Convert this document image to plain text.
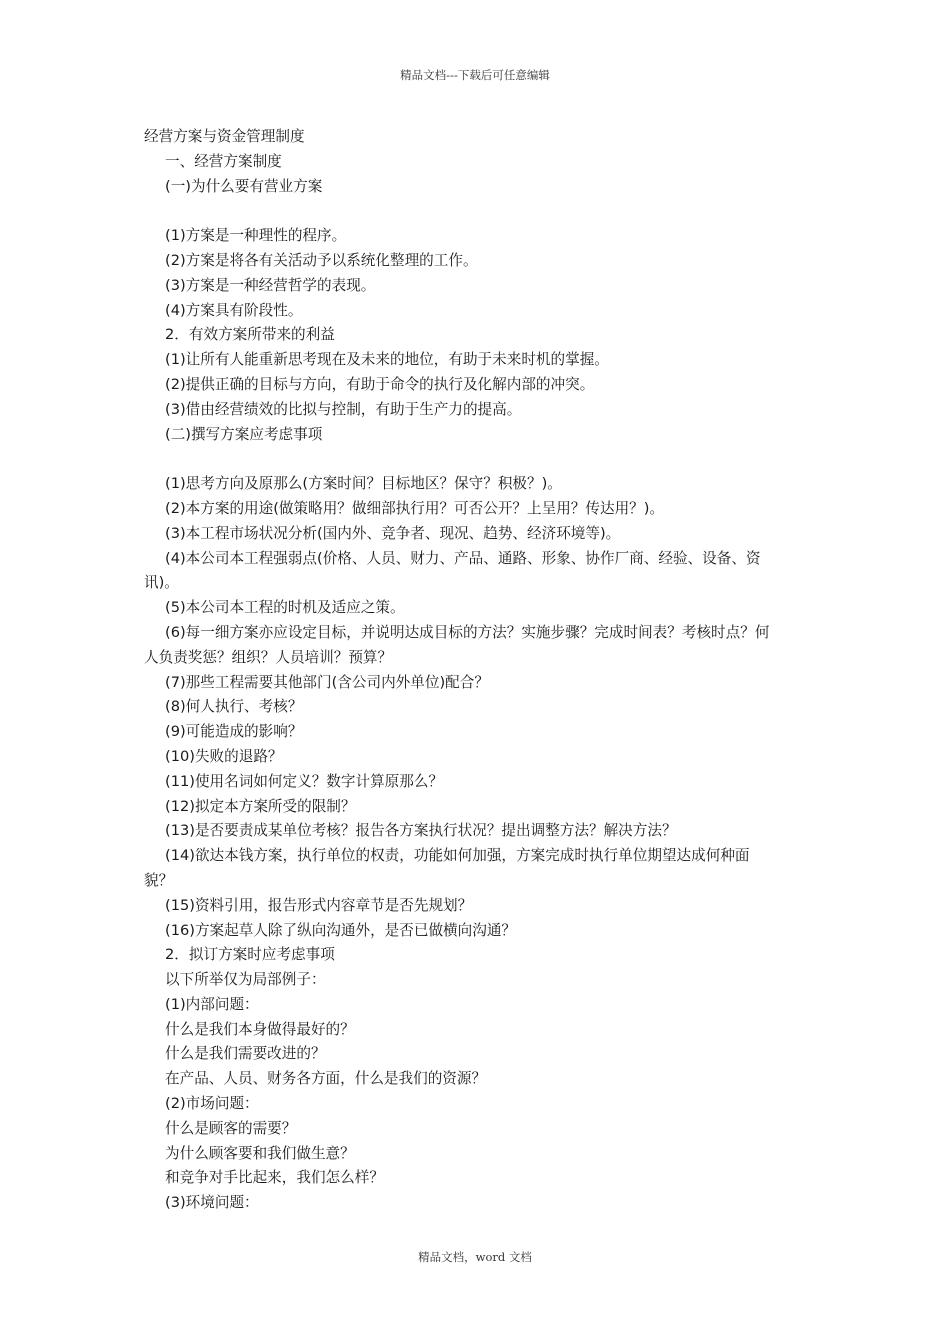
精品文档---下载后可任意编辑

经营方案与资金管理制度

一、经营方案制度

(一)为什么要有营业方案

(1)方案是一种理性的程序。

(2)方案是将各有关活动予以系统化整理的工作。

(3)方案是一种经营哲学的表现。

(4)方案具有阶段性。

2．有效方案所带来的利益

(1)让所有人能重新思考现在及未来的地位，有助于未来时机的掌握。

(2)提供正确的目标与方向，有助于命令的执行及化解内部的冲突。

(3)借由经营绩效的比拟与控制，有助于生产力的提高。

(二)撰写方案应考虑事项

(1)思考方向及原那么(方案时间？目标地区？保守？积极？)。

(2)本方案的用途(做策略用？做细部执行用？可否公开？上呈用？传达用？)。

(3)本工程市场状况分析(国内外、竞争者、现况、趋势、经济环境等)。

(4)本公司本工程强弱点(价格、人员、财力、产品、通路、形象、协作厂商、经验、设备、资讯)。

(5)本公司本工程的时机及适应之策。

(6)每一细方案亦应设定目标，并说明达成目标的方法？实施步骤？完成时间表？考核时点？何人负责奖惩？组织？人员培训？预算？

(7)那些工程需要其他部门(含公司内外单位)配合？

(8)何人执行、考核？

(9)可能造成的影响？

(10)失败的退路？

(11)使用名词如何定义？数字计算原那么？

(12)拟定本方案所受的限制？

(13)是否要责成某单位考核？报告各方案执行状况？提出调整方法？解决方法？

(14)欲达本钱方案，执行单位的权责，功能如何加强，方案完成时执行单位期望达成何种面貌？

(15)资料引用，报告形式内容章节是否先规划？

(16)方案起草人除了纵向沟通外，是否已做横向沟通？

2．拟订方案时应考虑事项

以下所举仅为局部例子：

(1)内部问题：

什么是我们本身做得最好的？

什么是我们需要改进的？

在产品、人员、财务各方面，什么是我们的资源？

(2)市场问题：

什么是顾客的需要？

为什么顾客要和我们做生意？

和竞争对手比起来，我们怎么样？

(3)环境问题：

精品文档，word 文档
